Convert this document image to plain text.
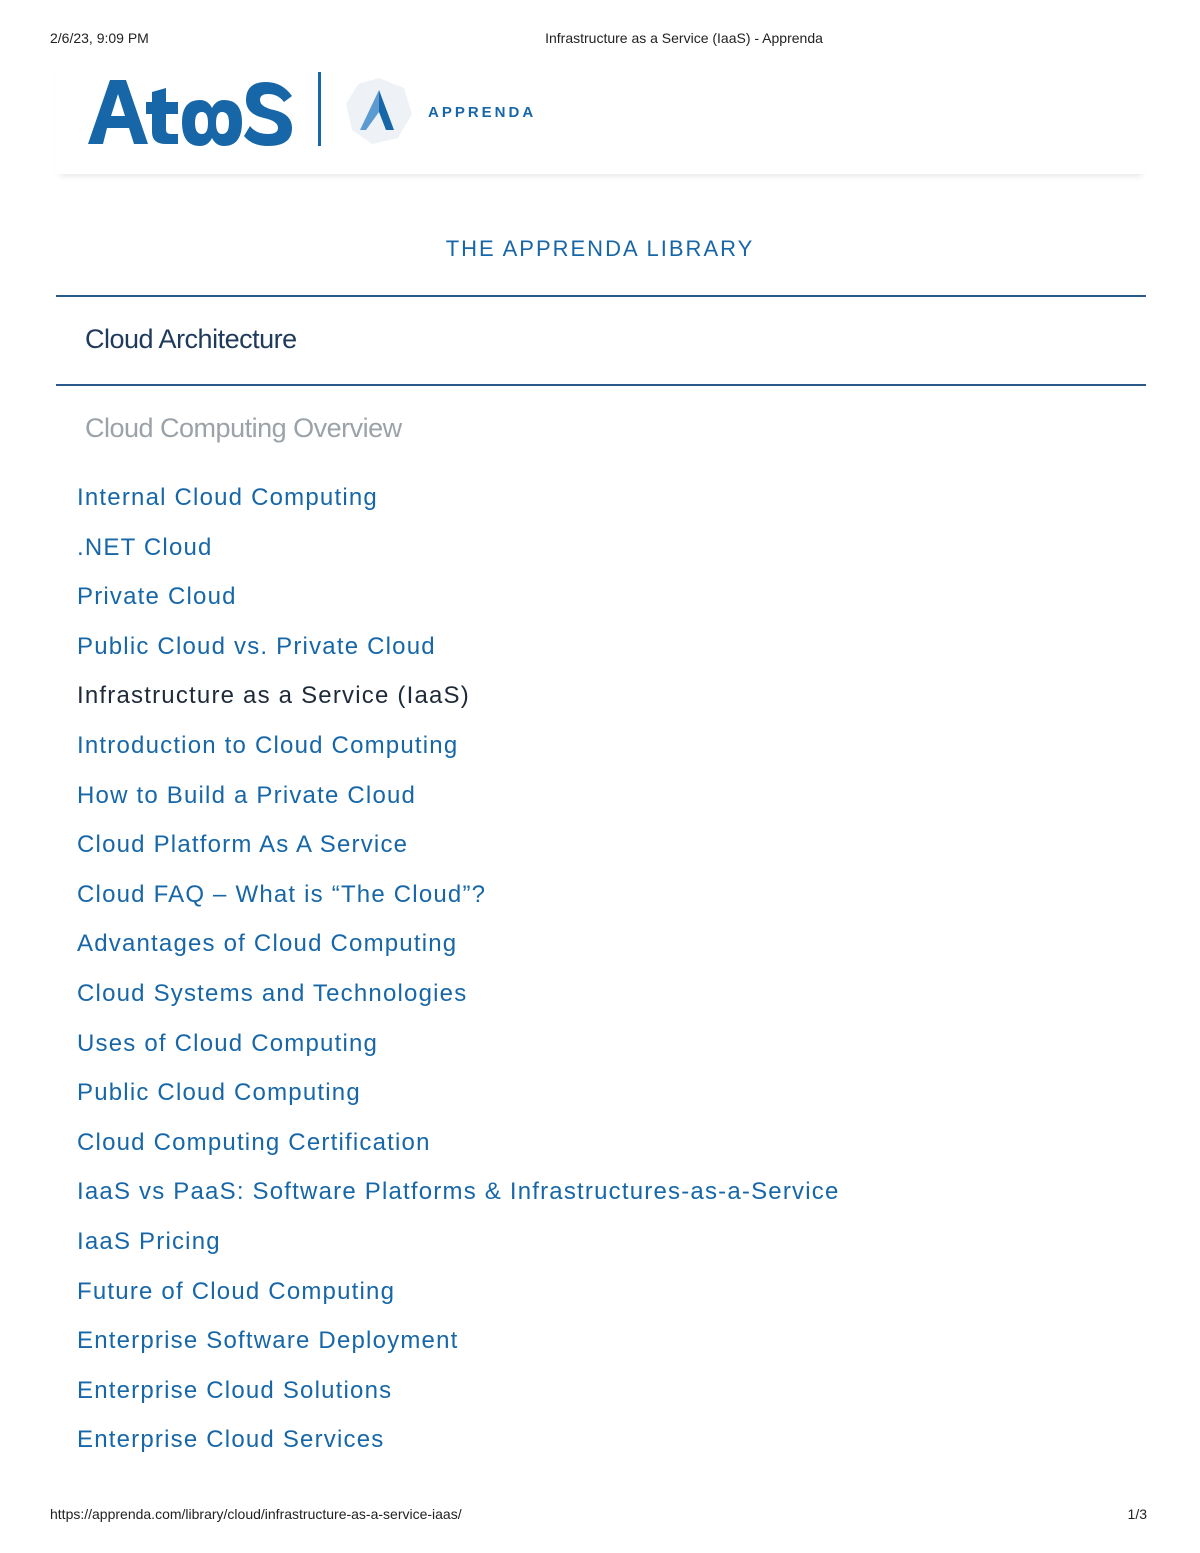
2/6/23, 9:09 PM	Infrastructure as a Service (IaaS) - Apprenda
APPRENDA
THE APPRENDA LIBRARY
Cloud Architecture
Cloud Computing Overview
Internal Cloud Computing
.NET Cloud
Private Cloud
Public Cloud vs. Private Cloud
Infrastructure as a Service (IaaS)
Introduction to Cloud Computing
How to Build a Private Cloud
Cloud Platform As A Service
Cloud FAQ – What is “The Cloud”?
Advantages of Cloud Computing
Cloud Systems and Technologies
Uses of Cloud Computing
Public Cloud Computing
Cloud Computing Certification
IaaS vs PaaS: Software Platforms & Infrastructures-as-a-Service
IaaS Pricing
Future of Cloud Computing
Enterprise Software Deployment
Enterprise Cloud Solutions
Enterprise Cloud Services
https://apprenda.com/library/cloud/infrastructure-as-a-service-iaas/	1/3
